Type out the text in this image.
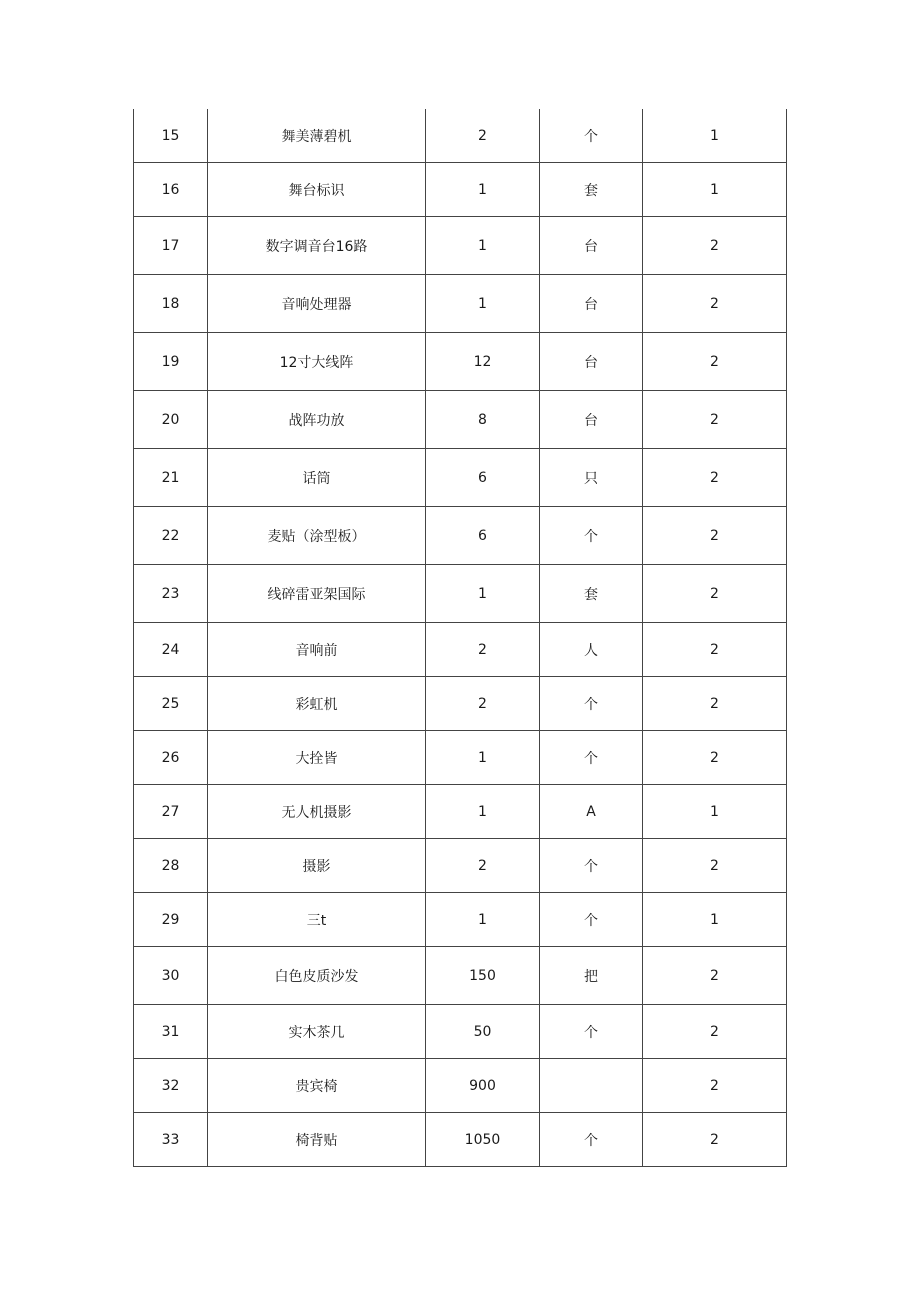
15	舞美薄碧机	2	个	1
16	舞台标识	1	套	1
17	数字调音台16路	1	台	2
18	音响处理器	1	台	2
19	12寸大线阵	12	台	2
20	战阵功放	8	台	2
21	话筒	6	只	2
22	麦贴（涂型板）	6	个	2
23	线碎雷亚架国际	1	套	2
24	音响前	2	人	2
25	彩虹机	2	个	2
26	大拴皆	1	个	2
27	无人机摄影	1	A	1
28	摄影	2	个	2
29	三t	1	个	1
30	白色皮质沙发	150	把	2
31	实木茶几	50	个	2
32	贵宾椅	900		2
33	椅背贴	1050	个	2
